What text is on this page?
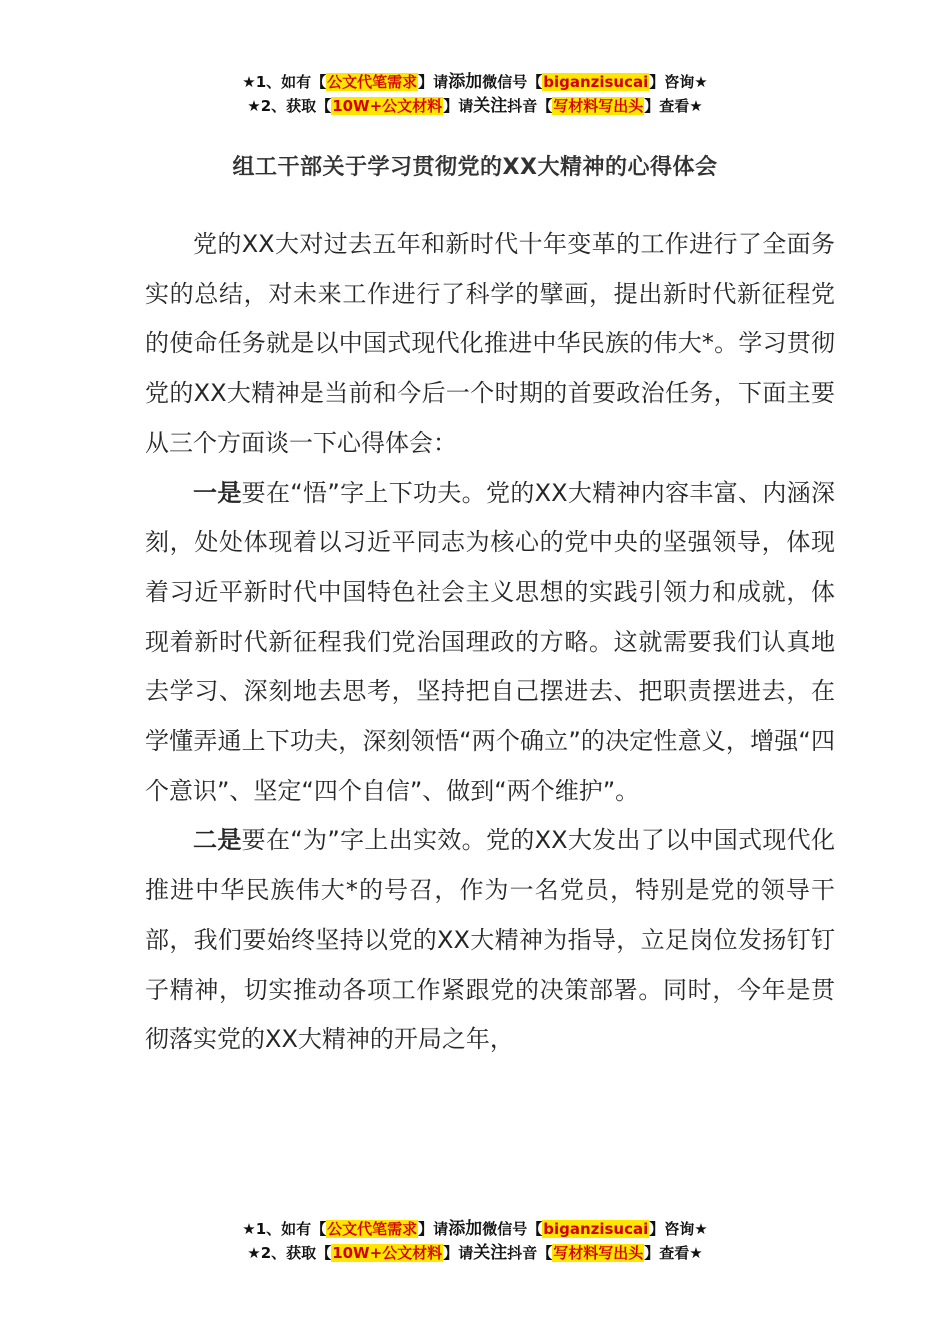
★1、如有【公文代笔需求】请添加微信号【biganzisucai】咨询★
★2、获取【10W+公文材料】请关注抖音【写材料写出头】查看★
组工干部关于学习贯彻党的XX大精神的心得体会

党的XX大对过去五年和新时代十年变革的工作进行了全面务实的总结，对未来工作进行了科学的擘画，提出新时代新征程党的使命任务就是以中国式现代化推进中华民族的伟大*。学习贯彻党的XX大精神是当前和今后一个时期的首要政治任务，下面主要从三个方面谈一下心得体会：

一是要在“悟”字上下功夫。党的XX大精神内容丰富、内涵深刻，处处体现着以习近平同志为核心的党中央的坚强领导，体现着习近平新时代中国特色社会主义思想的实践引领力和成就，体现着新时代新征程我们党治国理政的方略。这就需要我们认真地去学习、深刻地去思考，坚持把自己摆进去、把职责摆进去，在学懂弄通上下功夫，深刻领悟“两个确立”的决定性意义，增强“四个意识”、坚定“四个自信”、做到“两个维护”。

二是要在“为”字上出实效。党的XX大发出了以中国式现代化推进中华民族伟大*的号召，作为一名党员，特别是党的领导干部，我们要始终坚持以党的XX大精神为指导，立足岗位发扬钉钉子精神，切实推动各项工作紧跟党的决策部署。同时，今年是贯彻落实党的XX大精神的开局之年，

★1、如有【公文代笔需求】请添加微信号【biganzisucai】咨询★
★2、获取【10W+公文材料】请关注抖音【写材料写出头】查看★
